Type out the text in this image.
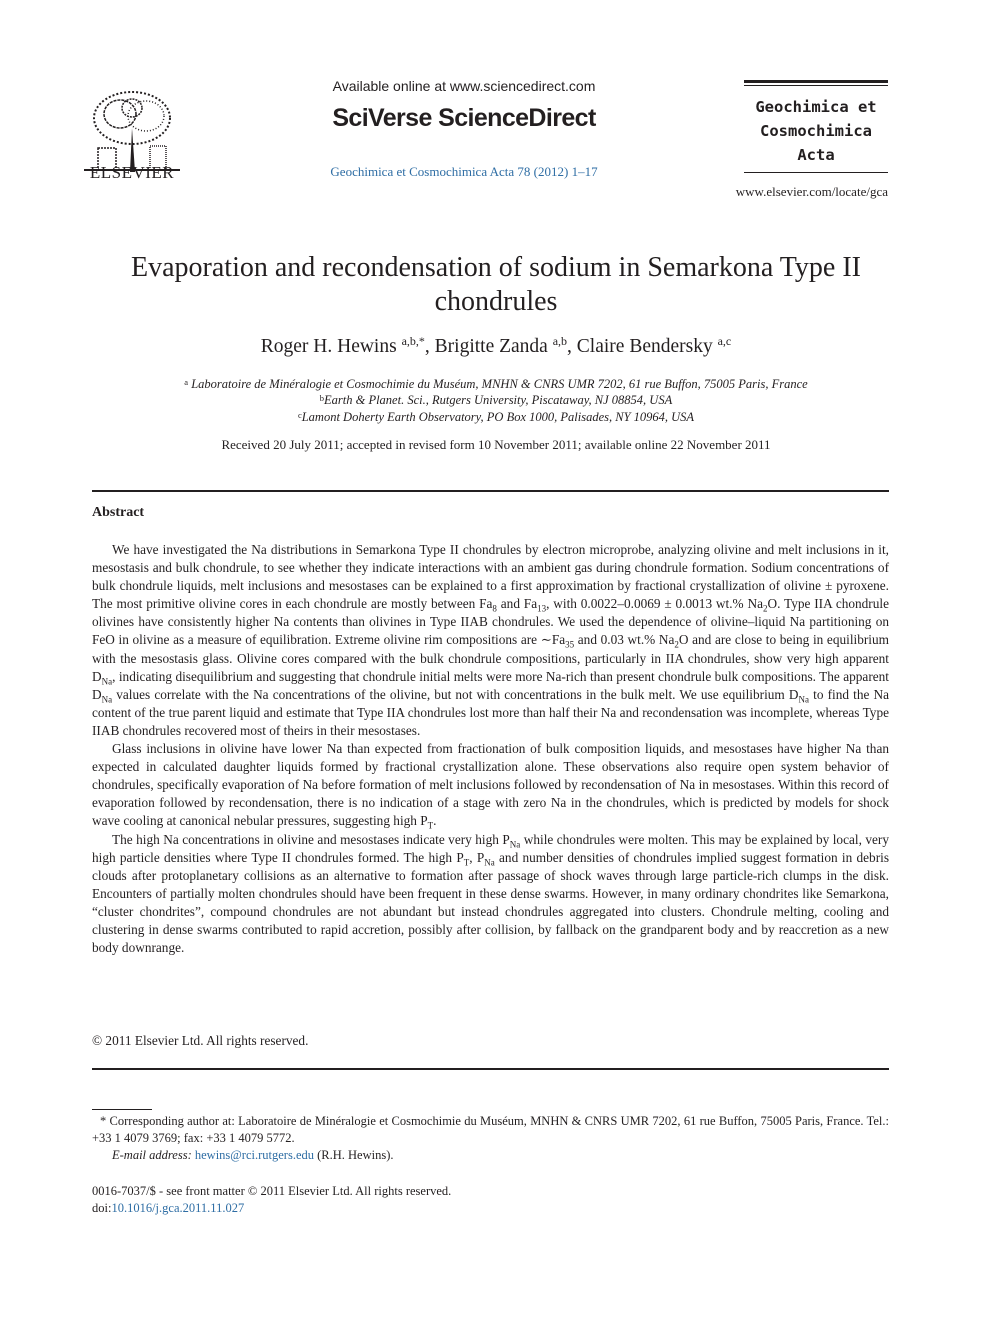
ELSEVIER
Available online at www.sciencedirect.com
SciVerse ScienceDirect
Geochimica et Cosmochimica Acta 78 (2012) 1–17
Geochimica et
Cosmochimica
Acta
www.elsevier.com/locate/gca
Evaporation and recondensation of sodium in Semarkona Type II chondrules
Roger H. Hewins $^{a,b,*}$, Brigitte Zanda $^{a,b}$, Claire Bendersky $^{a,c}$
$^a$ Laboratoire de Minéralogie et Cosmochimie du Muséum, MNHN & CNRS UMR 7202, 61 rue Buffon, 75005 Paris, France
$^b$Earth & Planet. Sci., Rutgers University, Piscataway, NJ 08854, USA
$^c$Lamont Doherty Earth Observatory, PO Box 1000, Palisades, NY 10964, USA
Received 20 July 2011; accepted in revised form 10 November 2011; available online 22 November 2011
Abstract

We have investigated the Na distributions in Semarkona Type II chondrules by electron microprobe, analyzing olivine and melt inclusions in it, mesostasis and bulk chondrule, to see whether they indicate interactions with an ambient gas during chondrule formation. Sodium concentrations of bulk chondrule liquids, melt inclusions and mesostases can be explained to a first approximation by fractional crystallization of olivine ± pyroxene. The most primitive olivine cores in each chondrule are mostly between $Fa_8$ and $Fa_{13}$, with 0.0022–0.0069 ± 0.0013 wt.% $Na_2O$. Type IIA chondrule olivines have consistently higher Na contents than olivines in Type IIAB chondrules. We used the dependence of olivine–liquid Na partitioning on FeO in olivine as a measure of equilibration. Extreme olivine rim compositions are $\sim Fa_{35}$ and 0.03 wt.% $Na_2O$ and are close to being in equilibrium with the mesostasis glass. Olivine cores compared with the bulk chondrule compositions, particularly in IIA chondrules, show very high apparent $D_{Na}$, indicating disequilibrium and suggesting that chondrule initial melts were more Na-rich than present chondrule bulk compositions. The apparent $D_{Na}$ values correlate with the Na concentrations of the olivine, but not with concentrations in the bulk melt. We use equilibrium $D_{Na}$ to find the Na content of the true parent liquid and estimate that Type IIA chondrules lost more than half their Na and recondensation was incomplete, whereas Type IIAB chondrules recovered most of theirs in their mesostases.

Glass inclusions in olivine have lower Na than expected from fractionation of bulk composition liquids, and mesostases have higher Na than expected in calculated daughter liquids formed by fractional crystallization alone. These observations also require open system behavior of chondrules, specifically evaporation of Na before formation of melt inclusions followed by recondensation of Na in mesostases. Within this record of evaporation followed by recondensation, there is no indication of a stage with zero Na in the chondrules, which is predicted by models for shock wave cooling at canonical nebular pressures, suggesting high $P_T$.

The high Na concentrations in olivine and mesostases indicate very high $P_{Na}$ while chondrules were molten. This may be explained by local, very high particle densities where Type II chondrules formed. The high $P_T$, $P_{Na}$ and number densities of chondrules implied suggest formation in debris clouds after protoplanetary collisions as an alternative to formation after passage of shock waves through large particle-rich clumps in the disk. Encounters of partially molten chondrules should have been frequent in these dense swarms. However, in many ordinary chondrites like Semarkona, “cluster chondrites”, compound chondrules are not abundant but instead chondrules aggregated into clusters. Chondrule melting, cooling and clustering in dense swarms contributed to rapid accretion, possibly after collision, by fallback on the grandparent body and by reaccretion as a new body downrange.

© 2011 Elsevier Ltd. All rights reserved.

* Corresponding author at: Laboratoire de Minéralogie et Cosmochimie du Muséum, MNHN & CNRS UMR 7202, 61 rue Buffon, 75005 Paris, France. Tel.: +33 1 4079 3769; fax: +33 1 4079 5772.

E-mail address: hewins@rci.rutgers.edu (R.H. Hewins).

0016-7037/$ - see front matter © 2011 Elsevier Ltd. All rights reserved.
doi:10.1016/j.gca.2011.11.027
